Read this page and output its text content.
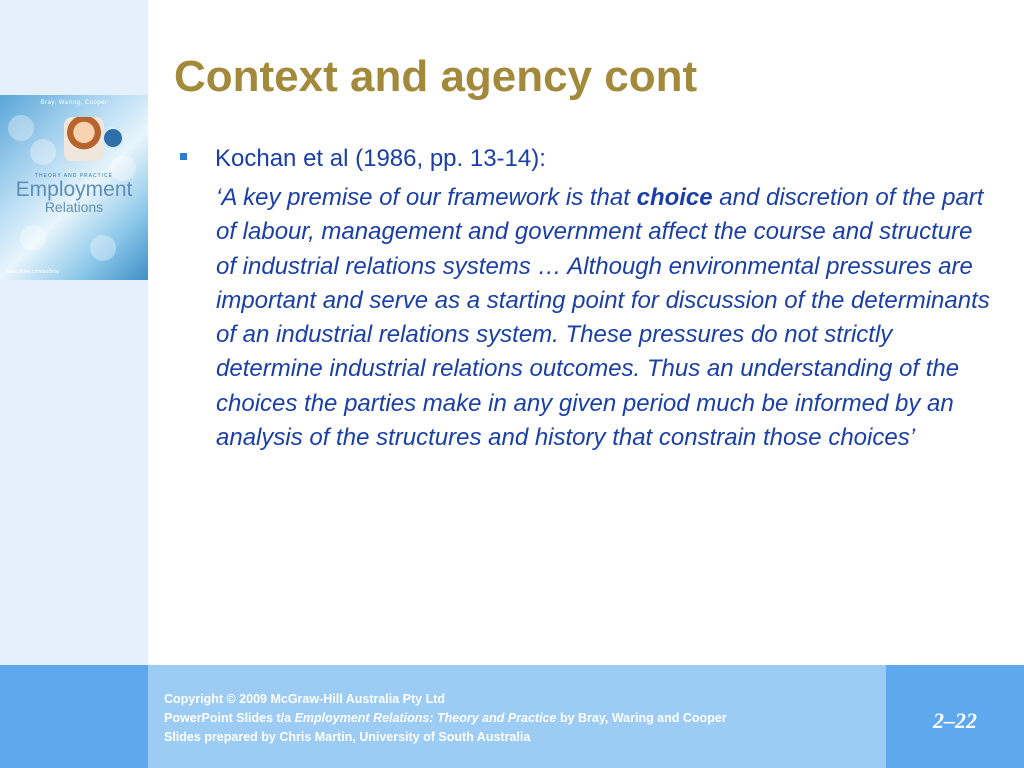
Bray, Waring, Cooper
THEORY AND PRACTICE
Employment
Relations
www.mhhe.com/au/bray
Context and agency cont
Kochan et al (1986, pp. 13-14):
‘A key premise of our framework is that choice and discretion of the part of labour, management and government affect the course and structure of industrial relations systems … Although environmental pressures are important and serve as a starting point for discussion of the determinants of an industrial relations system. These pressures do not strictly determine industrial relations outcomes. Thus an understanding of the choices the parties make in any given period much be informed by an analysis of the structures and history that constrain those choices’
Copyright © 2009 McGraw-Hill Australia Pty Ltd
PowerPoint Slides t/a Employment Relations: Theory and Practice by Bray, Waring and Cooper
Slides prepared by Chris Martin, University of South Australia
2–22
